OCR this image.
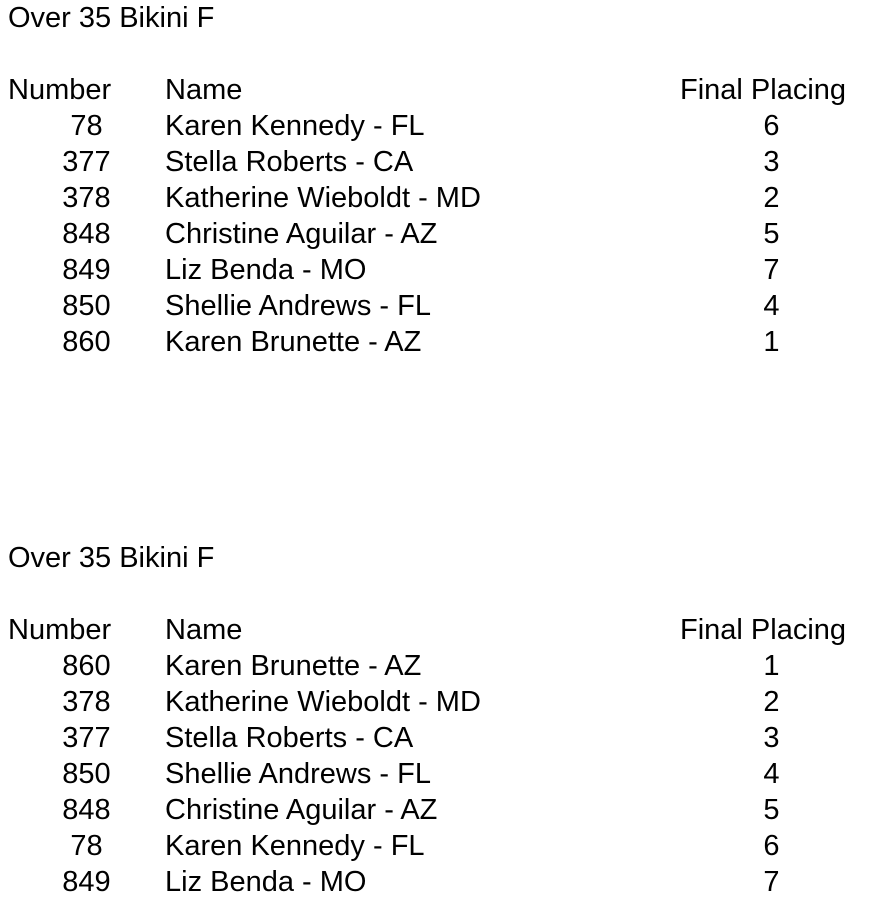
Over 35 Bikini F
Number	Name	Final Placing
78	Karen Kennedy - FL	6
377	Stella Roberts - CA	3
378	Katherine Wieboldt - MD	2
848	Christine Aguilar - AZ	5
849	Liz Benda - MO	7
850	Shellie Andrews - FL	4
860	Karen Brunette - AZ	1
Over 35 Bikini F
Number	Name	Final Placing
860	Karen Brunette - AZ	1
378	Katherine Wieboldt - MD	2
377	Stella Roberts - CA	3
850	Shellie Andrews - FL	4
848	Christine Aguilar - AZ	5
78	Karen Kennedy - FL	6
849	Liz Benda - MO	7
